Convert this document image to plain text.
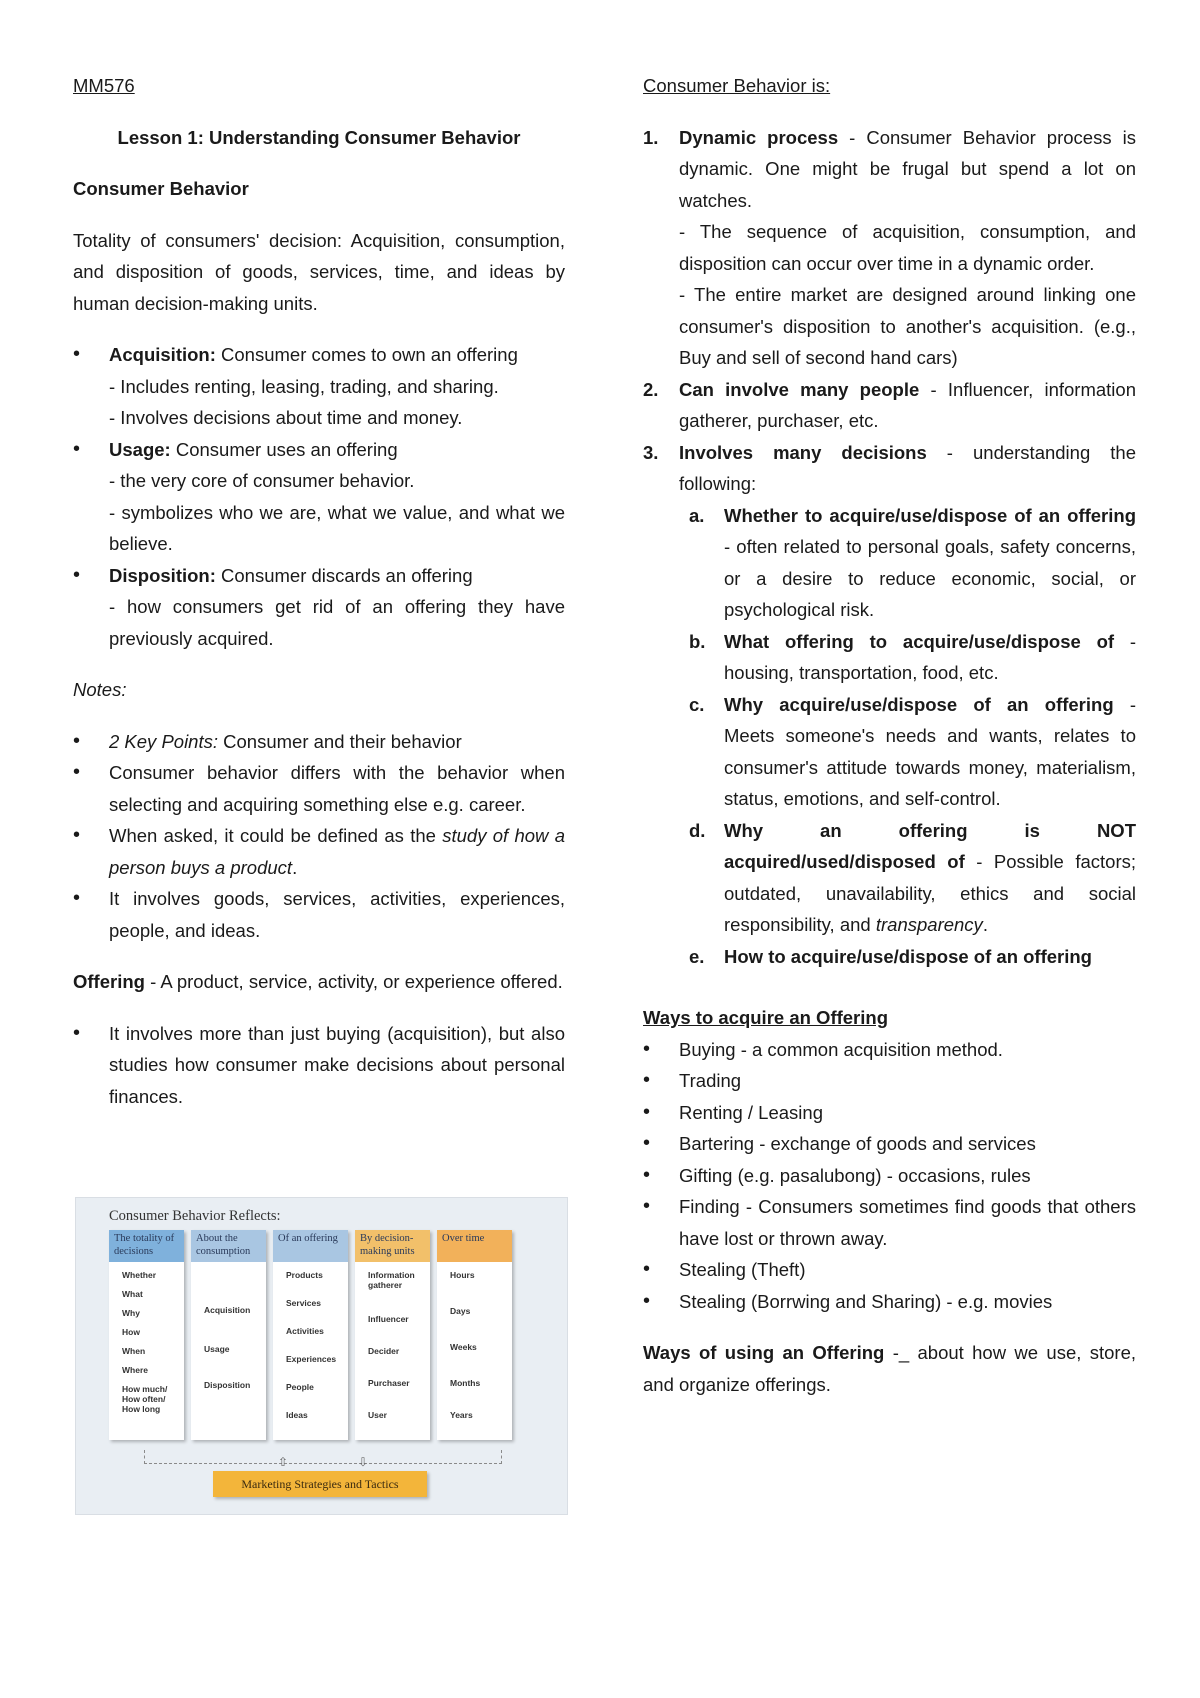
MM576

Lesson 1: Understanding Consumer Behavior

Consumer Behavior

Totality of consumers' decision: Acquisition, consumption, and disposition of goods, services, time, and ideas by human decision-making units.

• Acquisition: Consumer comes to own an offering
- Includes renting, leasing, trading, and sharing.
- Involves decisions about time and money.
• Usage: Consumer uses an offering
- the very core of consumer behavior.
- symbolizes who we are, what we value, and what we believe.
• Disposition: Consumer discards an offering
- how consumers get rid of an offering they have previously acquired.

Notes:

• 2 Key Points: Consumer and their behavior
• Consumer behavior differs with the behavior when selecting and acquiring something else e.g. career.
• When asked, it could be defined as the study of how a person buys a product.
• It involves goods, services, activities, experiences, people, and ideas.

Offering - A product, service, activity, or experience offered.

• It involves more than just buying (acquisition), but also studies how consumer make decisions about personal finances.
Consumer Behavior Reflects:
The totality of decisions
Whether
What
Why
How
When
Where
How much/ How often/ How long
About the consumption
Acquisition
Usage
Disposition
Of an offering
Products
Services
Activities
Experiences
People
Ideas
By decision-making units
Information gatherer
Influencer
Decider
Purchaser
User
Over time
Hours
Days
Weeks
Months
Years
⇧	⇩
Marketing Strategies and Tactics

Consumer Behavior is:

1. Dynamic process - Consumer Behavior process is dynamic. One might be frugal but spend a lot on watches.
- The sequence of acquisition, consumption, and disposition can occur over time in a dynamic order.
- The entire market are designed around linking one consumer's disposition to another's acquisition. (e.g., Buy and sell of second hand cars)
2. Can involve many people - Influencer, information gatherer, purchaser, etc.
3. Involves many decisions - understanding the following:
a. Whether to acquire/use/dispose of an offering - often related to personal goals, safety concerns, or a desire to reduce economic, social, or psychological risk.
b. What offering to acquire/use/dispose of - housing, transportation, food, etc.
c. Why acquire/use/dispose of an offering - Meets someone's needs and wants, relates to consumer's attitude towards money, materialism, status, emotions, and self-control.
d. Why an offering is NOT acquired/used/disposed of - Possible factors; outdated, unavailability, ethics and social responsibility, and transparency.
e. How to acquire/use/dispose of an offering

Ways to acquire an Offering

• Buying - a common acquisition method.
• Trading
• Renting / Leasing
• Bartering - exchange of goods and services
• Gifting (e.g. pasalubong) - occasions, rules
• Finding - Consumers sometimes find goods that others have lost or thrown away.
• Stealing (Theft)
• Stealing (Borrwing and Sharing) - e.g. movies

Ways of using an Offering -_ about how we use, store, and organize offerings.
